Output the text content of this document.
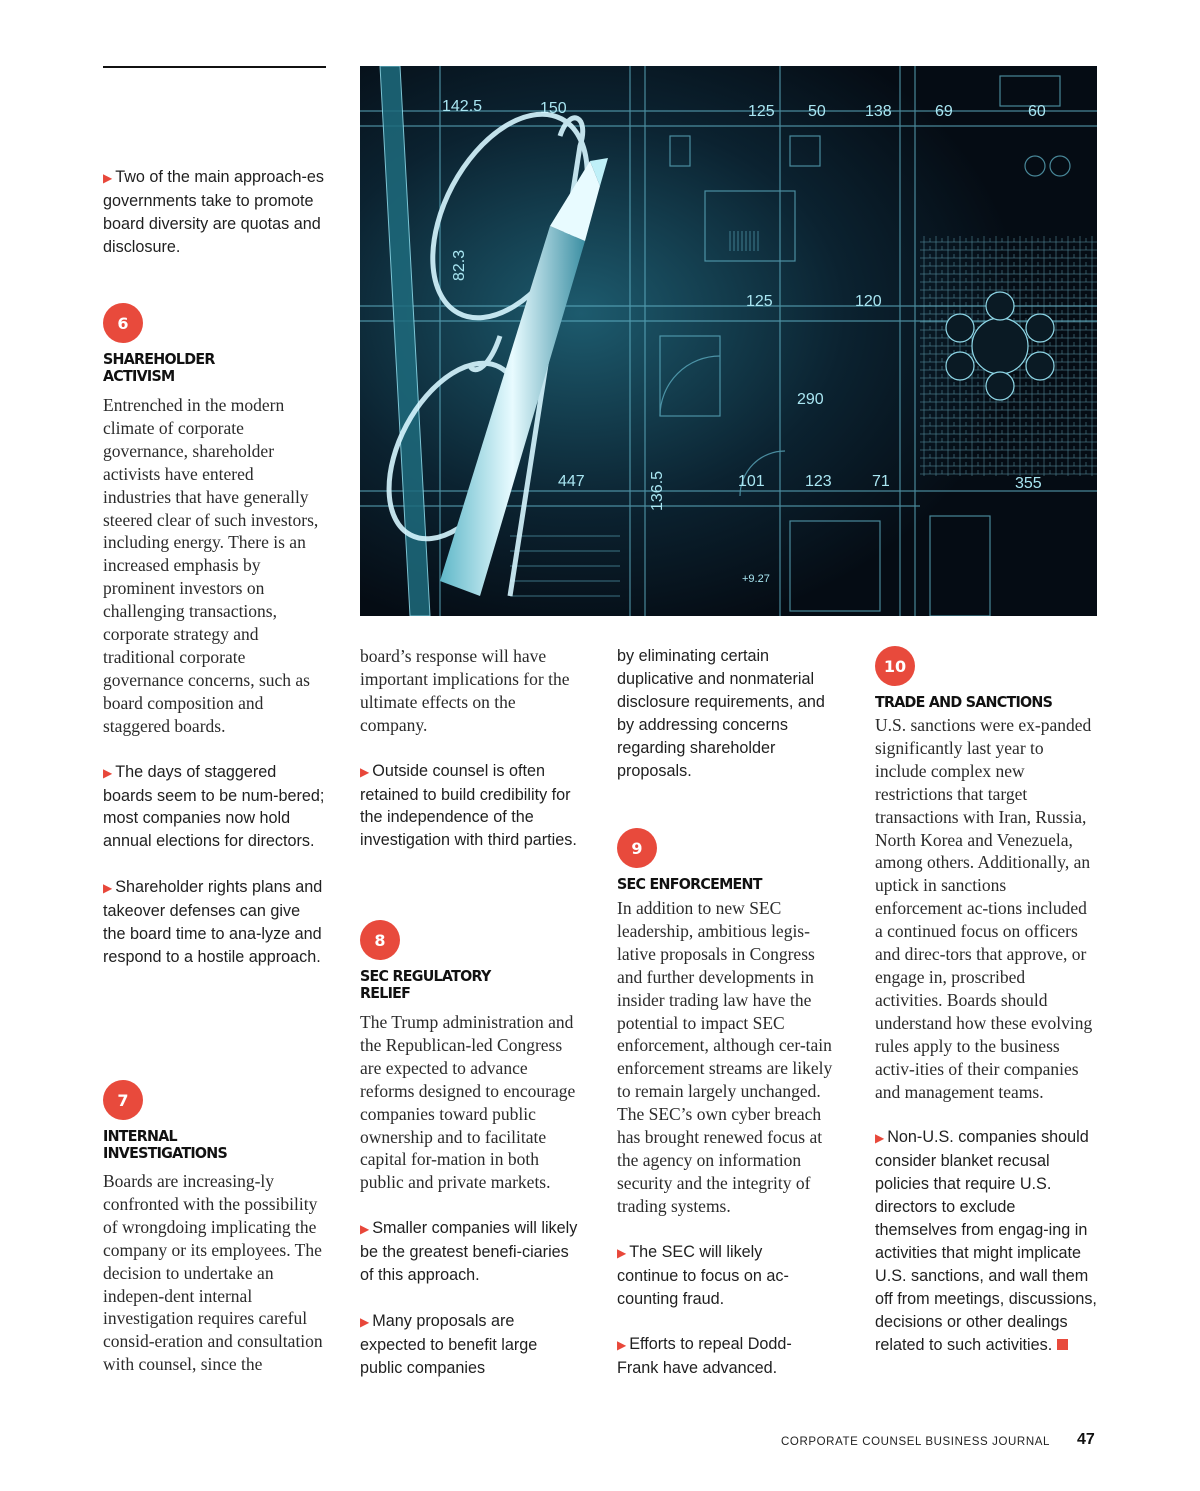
142.5	150	125 50 138	69	60
125	120
447	101	123	71	355
290
+9.27
82.3
136.5

▶ Two of the main approach-es governments take to promote board diversity are quotas and disclosure.

6
SHAREHOLDER
ACTIVISM

Entrenched in the modern climate of corporate governance, shareholder activists have entered industries that have generally steered clear of such investors, including energy. There is an increased emphasis by prominent investors on challenging transactions, corporate strategy and traditional corporate governance concerns, such as board composition and staggered boards.

▶ The days of staggered boards seem to be num-bered; most companies now hold annual elections for directors.

▶ Shareholder rights plans and takeover defenses can give the board time to ana-lyze and respond to a hostile approach.

7
INTERNAL
INVESTIGATIONS

Boards are increasing-ly confronted with the possibility of wrongdoing implicating the company or its employees. The decision to undertake an indepen-dent internal investigation requires careful consid-eration and consultation with counsel, since the

board’s response will have important implications for the ultimate effects on the company.

▶ Outside counsel is often retained to build credibility for the independence of the investigation with third parties.

8
SEC REGULATORY
RELIEF

The Trump administration and the Republican-led Congress are expected to advance reforms designed to encourage companies toward public ownership and to facilitate capital for-mation in both public and private markets.

▶ Smaller companies will likely be the greatest benefi-ciaries of this approach.

▶ Many proposals are expected to benefit large public companies

by eliminating certain duplicative and nonmaterial disclosure requirements, and by addressing concerns regarding shareholder proposals.

9
SEC ENFORCEMENT

In addition to new SEC leadership, ambitious legis-lative proposals in Congress and further developments in insider trading law have the potential to impact SEC enforcement, although cer-tain enforcement streams are likely to remain largely unchanged. The SEC’s own cyber breach has brought renewed focus at the agency on information security and the integrity of trading systems.

▶ The SEC will likely continue to focus on ac-counting fraud.

▶ Efforts to repeal Dodd-Frank have advanced.

10
TRADE AND SANCTIONS

U.S. sanctions were ex-panded significantly last year to include complex new restrictions that target transactions with Iran, Russia, North Korea and Venezuela, among others. Additionally, an uptick in sanctions enforcement ac-tions included a continued focus on officers and direc-tors that approve, or engage in, proscribed activities. Boards should understand how these evolving rules apply to the business activ-ities of their companies and management teams.

▶ Non-U.S. companies should consider blanket recusal policies that require U.S. directors to exclude themselves from engag-ing in activities that might implicate U.S. sanctions, and wall them off from meetings, discussions, decisions or other dealings related to such activities.

CORPORATE COUNSEL BUSINESS JOURNAL 47
